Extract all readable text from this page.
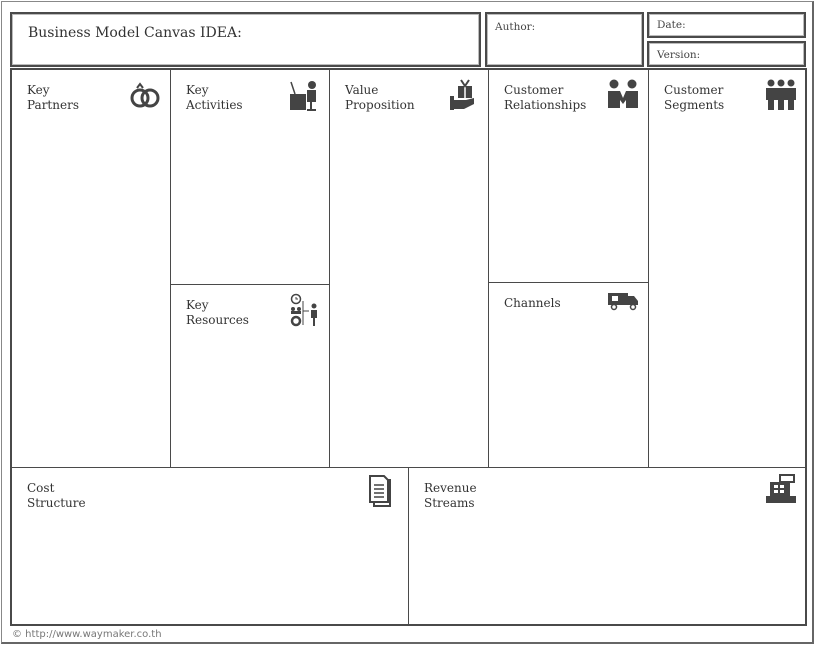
Business Model Canvas IDEA:	Author:	Date:
Version:
Key
Partners
Key
Activities
Key
Resources
Value
Proposition
Customer
Relationships
Channels
Customer
Segments
Cost
Structure
Revenue
Streams
© http://www.waymaker.co.th
